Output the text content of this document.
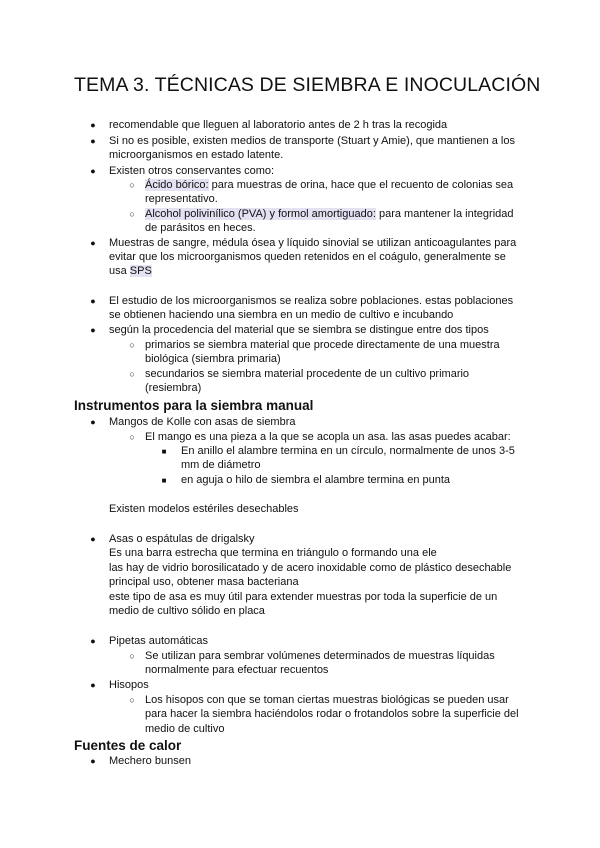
TEMA 3. TÉCNICAS DE SIEMBRA E INOCULACIÓN
● recomendable que lleguen al laboratorio antes de 2 h tras la recogida
● Si no es posible, existen medios de transporte (Stuart y Amie), que mantienen a los
microorganismos en estado latente.
● Existen otros conservantes como:
○ Ácido bórico: para muestras de orina, hace que el recuento de colonias sea
representativo.
○ Alcohol polivinílico (PVA) y formol amortiguado: para mantener la integridad
de parásitos en heces.
● Muestras de sangre, médula ósea y líquido sinovial se utilizan anticoagulantes para
evitar que los microorganismos queden retenidos en el coágulo, generalmente se
usa SPS
● El estudio de los microorganismos se realiza sobre poblaciones. estas poblaciones
se obtienen haciendo una siembra en un medio de cultivo e incubando
● según la procedencia del material que se siembra se distingue entre dos tipos
○ primarios se siembra material que procede directamente de una muestra
biológica (siembra primaria)
○ secundarios se siembra material procedente de un cultivo primario
(resiembra)
Instrumentos para la siembra manual
● Mangos de Kolle con asas de siembra
○ El mango es una pieza a la que se acopla un asa. las asas puedes acabar:
■	En anillo el alambre termina en un círculo, normalmente de unos 3-5
mm de diámetro
■	en aguja o hilo de siembra el alambre termina en punta
Existen modelos estériles desechables
● Asas o espátulas de drigalsky
Es una barra estrecha que termina en triángulo o formando una ele
las hay de vidrio borosilicatado y de acero inoxidable como de plástico desechable
principal uso, obtener masa bacteriana
este tipo de asa es muy útil para extender muestras por toda la superficie de un
medio de cultivo sólido en placa
● Pipetas automáticas
○ Se utilizan para sembrar volúmenes determinados de muestras líquidas
normalmente para efectuar recuentos
● Hisopos
○ Los hisopos con que se toman ciertas muestras biológicas se pueden usar
para hacer la siembra haciéndolos rodar o frotandolos sobre la superficie del
medio de cultivo
Fuentes de calor
● Mechero bunsen
